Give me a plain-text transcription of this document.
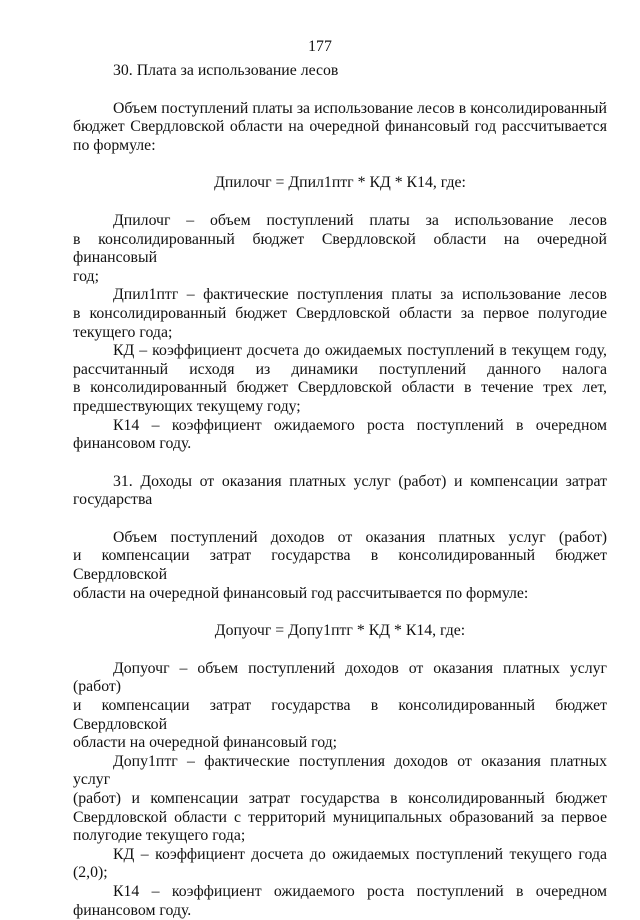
177

30. Плата за использование лесов

Объем поступлений платы за использование лесов в консолидированный
бюджет Свердловской области на очередной финансовый год рассчитывается
по формуле:

Дпилочг = Дпил1птг * КД * К14, где:

Дпилочг – объем поступлений платы за использование лесов
в консолидированный бюджет Свердловской области на очередной финансовый
год;

Дпил1птг – фактические поступления платы за использование лесов
в консолидированный бюджет Свердловской области за первое полугодие
текущего года;

КД – коэффициент досчета до ожидаемых поступлений в текущем году,
рассчитанный исходя из динамики поступлений данного налога
в консолидированный бюджет Свердловской области в течение трех лет,
предшествующих текущему году;

К14 – коэффициент ожидаемого роста поступлений в очередном
финансовом году.

31. Доходы от оказания платных услуг (работ) и компенсации затрат
государства
Объем поступлений доходов от оказания платных услуг (работ)
и компенсации затрат государства в консолидированный бюджет Свердловской
области на очередной финансовый год рассчитывается по формуле:

Допуочг = Допу1птг * КД * К14, где:

Допуочг – объем поступлений доходов от оказания платных услуг (работ)
и компенсации затрат государства в консолидированный бюджет Свердловской
области на очередной финансовый год;

Допу1птг – фактические поступления доходов от оказания платных услуг
(работ) и компенсации затрат государства в консолидированный бюджет
Свердловской области с территорий муниципальных образований за первое
полугодие текущего года;

КД – коэффициент досчета до ожидаемых поступлений текущего года (2,0);

К14 – коэффициент ожидаемого роста поступлений в очередном
финансовом году.
